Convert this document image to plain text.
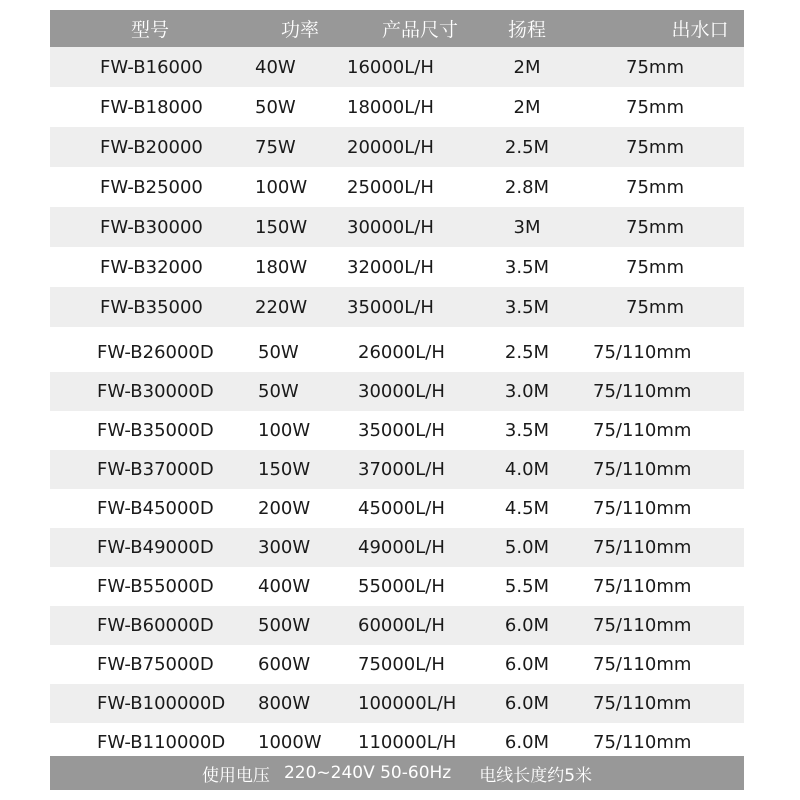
型号	功率	产品尺寸	扬程	出水口
FW-B16000	40W	16000L/H	2M	75mm
FW-B18000	50W	18000L/H	2M	75mm
FW-B20000	75W	20000L/H	2.5M	75mm
FW-B25000	100W 25000L/H	2.8M	75mm
FW-B30000	150W 30000L/H	3M	75mm
FW-B32000	180W 32000L/H	3.5M	75mm
FW-B35000	220W 35000L/H	3.5M	75mm
FW-B26000D 50W	26000L/H	2.5M	75/110mm
FW-B30000D 50W	30000L/H	3.0M	75/110mm
FW-B35000D 100W	35000L/H	3.5M	75/110mm
FW-B37000D 150W	37000L/H	4.0M	75/110mm
FW-B45000D 200W	45000L/H	4.5M	75/110mm
FW-B49000D 300W	49000L/H	5.0M	75/110mm
FW-B55000D 400W	55000L/H	5.5M	75/110mm
FW-B60000D 500W	60000L/H	6.0M	75/110mm
FW-B75000D 600W	75000L/H	6.0M	75/110mm
FW-B100000D 800W	100000L/H	6.0M	75/110mm
FW-B110000D 1000W 110000L/H	6.0M	75/110mm
使用电压 220~240V 50-60Hz 电线长度约5米
